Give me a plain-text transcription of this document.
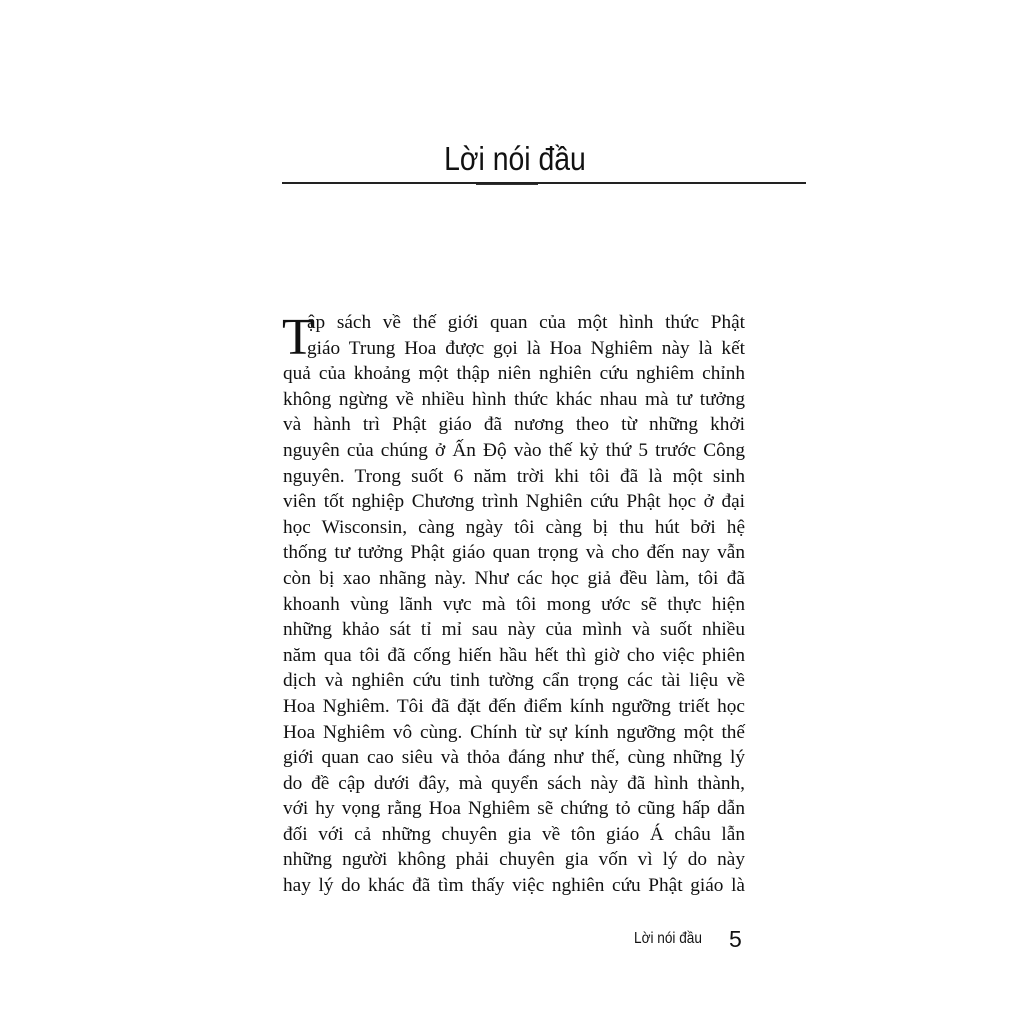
Lời nói đầu
T
ập sách về thế giới quan của một hình thức Phật
giáo Trung Hoa được gọi là Hoa Nghiêm này là kết
quả của khoảng một thập niên nghiên cứu nghiêm chỉnh
không ngừng về nhiều hình thức khác nhau mà tư tưởng
và hành trì Phật giáo đã nương theo từ những khởi
nguyên của chúng ở Ấn Độ vào thế kỷ thứ 5 trước Công
nguyên. Trong suốt 6 năm trời khi tôi đã là một sinh
viên tốt nghiệp Chương trình Nghiên cứu Phật học ở đại
học Wisconsin, càng ngày tôi càng bị thu hút bởi hệ
thống tư tưởng Phật giáo quan trọng và cho đến nay vẫn
còn bị xao nhãng này. Như các học giả đều làm, tôi đã
khoanh vùng lãnh vực mà tôi mong ước sẽ thực hiện
những khảo sát tỉ mỉ sau này của mình và suốt nhiều
năm qua tôi đã cống hiến hầu hết thì giờ cho việc phiên
dịch và nghiên cứu tinh tường cẩn trọng các tài liệu về
Hoa Nghiêm. Tôi đã đặt đến điểm kính ngưỡng triết học
Hoa Nghiêm vô cùng. Chính từ sự kính ngưỡng một thế
giới quan cao siêu và thỏa đáng như thế, cùng những lý
do đề cập dưới đây, mà quyển sách này đã hình thành,
với hy vọng rằng Hoa Nghiêm sẽ chứng tỏ cũng hấp dẫn
đối với cả những chuyên gia về tôn giáo Á châu lẫn
những người không phải chuyên gia vốn vì lý do này
hay lý do khác đã tìm thấy việc nghiên cứu Phật giáo là
Lời nói đầu 5
